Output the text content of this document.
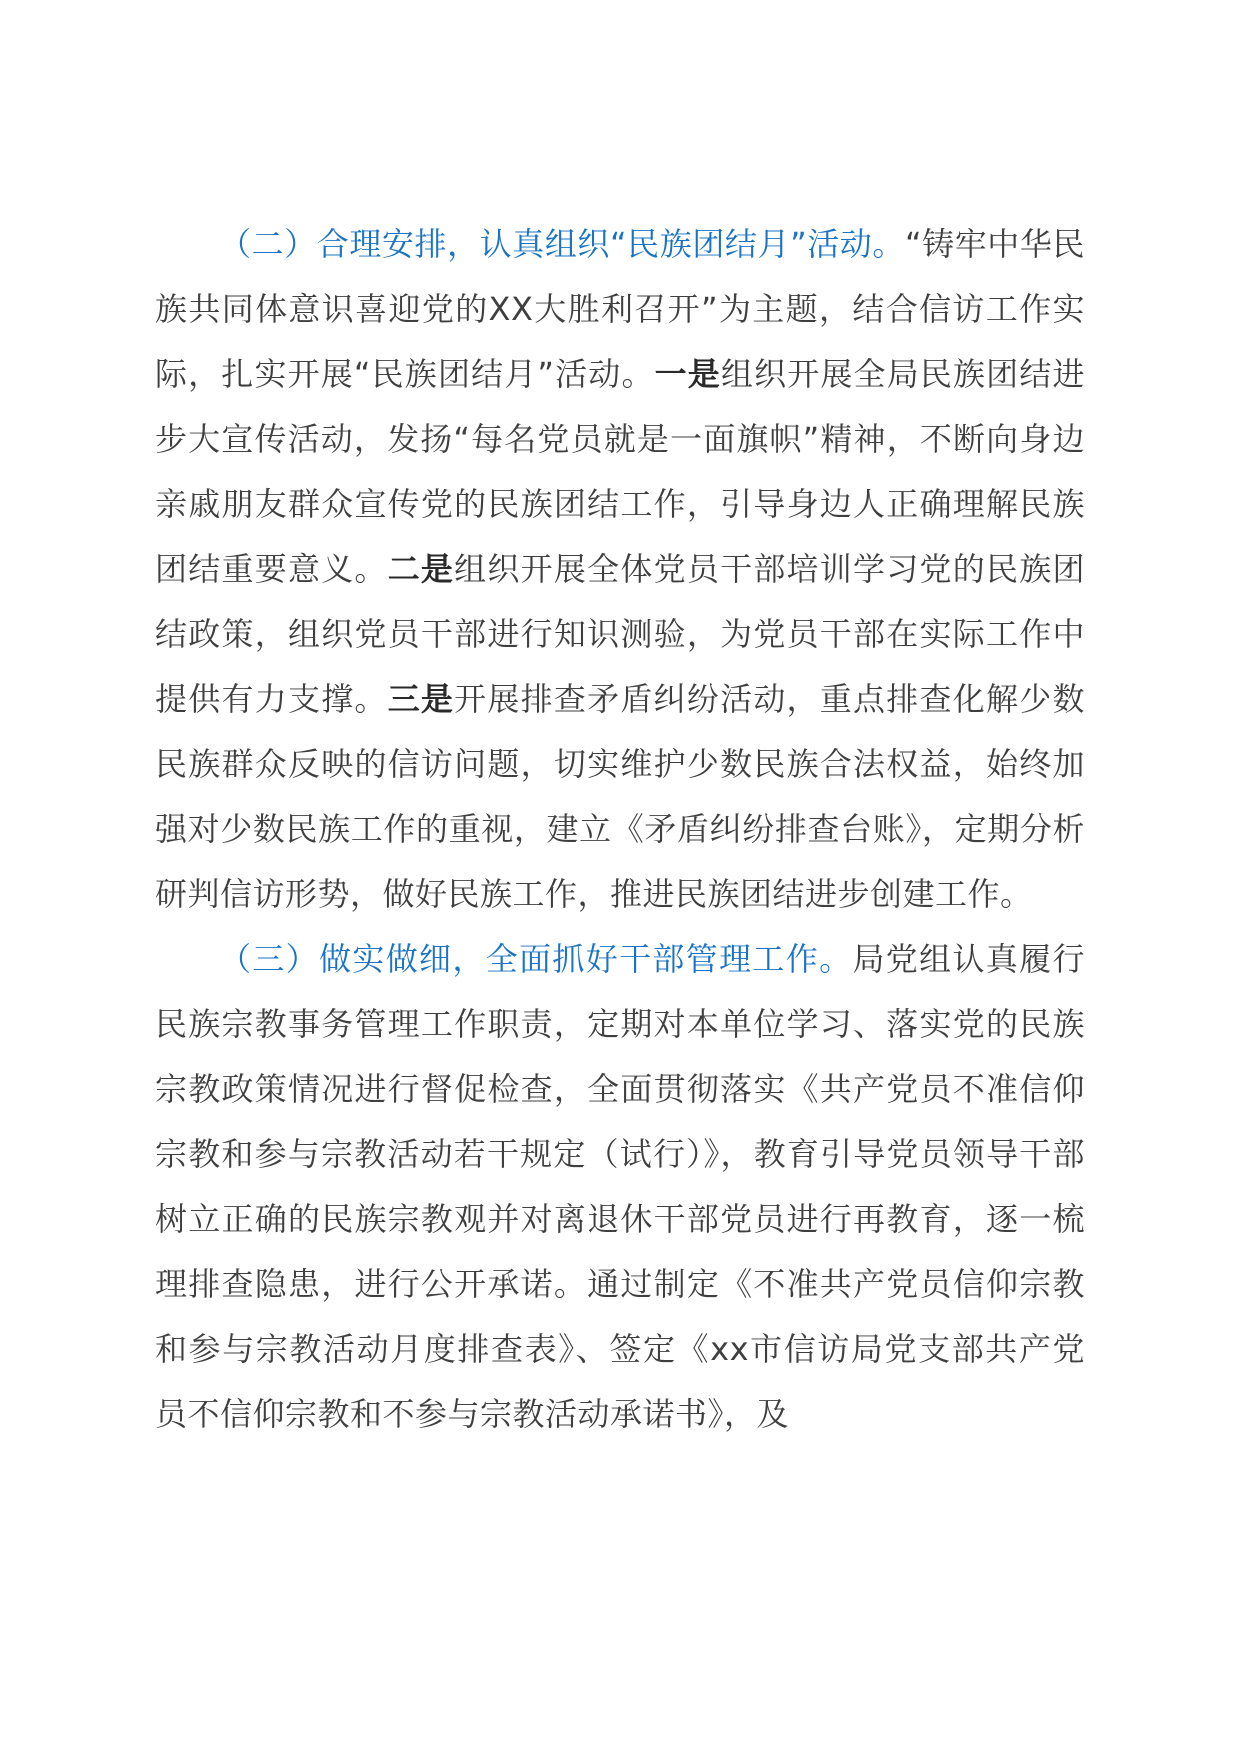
（二）合理安排，认真组织“民族团结月”活动。“铸牢中华民族共同体意识喜迎党的XX大胜利召开”为主题，结合信访工作实际，扎实开展“民族团结月”活动。一是组织开展全局民族团结进步大宣传活动，发扬“每名党员就是一面旗帜”精神，不断向身边亲戚朋友群众宣传党的民族团结工作，引导身边人正确理解民族团结重要意义。二是组织开展全体党员干部培训学习党的民族团结政策，组织党员干部进行知识测验，为党员干部在实际工作中提供有力支撑。三是开展排查矛盾纠纷活动，重点排查化解少数民族群众反映的信访问题，切实维护少数民族合法权益，始终加强对少数民族工作的重视，建立《矛盾纠纷排查台账》，定期分析研判信访形势，做好民族工作，推进民族团结进步创建工作。

（三）做实做细，全面抓好干部管理工作。局党组认真履行民族宗教事务管理工作职责，定期对本单位学习、落实党的民族宗教政策情况进行督促检查，全面贯彻落实《共产党员不准信仰宗教和参与宗教活动若干规定（试行）》，教育引导党员领导干部树立正确的民族宗教观并对离退休干部党员进行再教育，逐一梳理排查隐患，进行公开承诺。通过制定《不准共产党员信仰宗教和参与宗教活动月度排查表》、签定《xx市信访局党支部共产党员不信仰宗教和不参与宗教活动承诺书》，及
